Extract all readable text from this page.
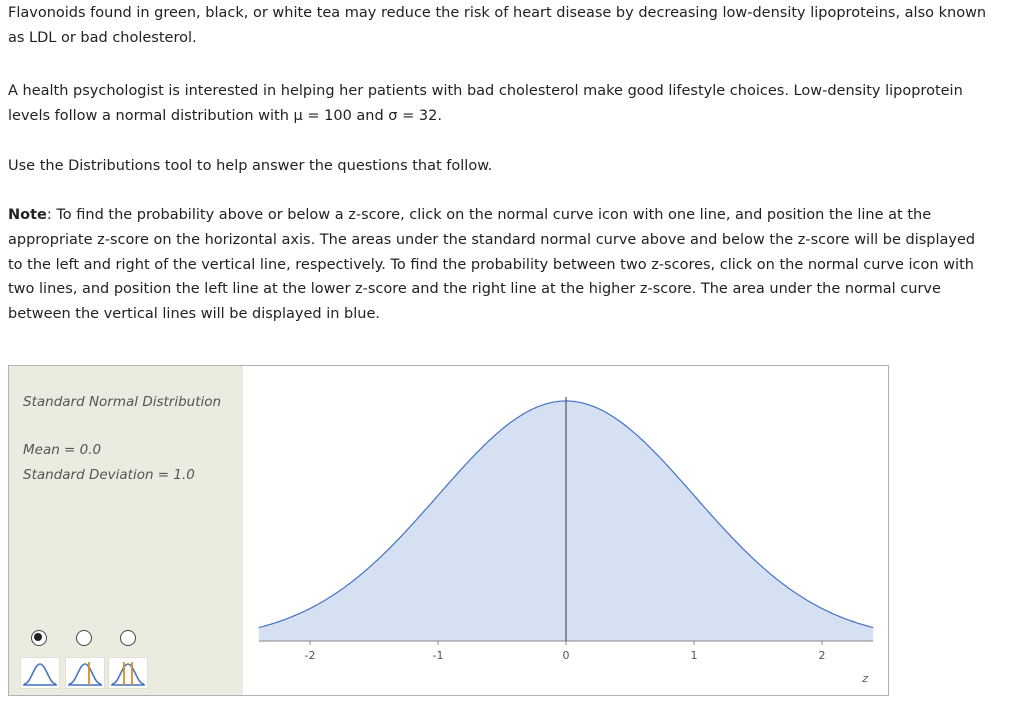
Flavonoids found in green, black, or white tea may reduce the risk of heart disease by decreasing low-density lipoproteins, also known as LDL or bad cholesterol.

A health psychologist is interested in helping her patients with bad cholesterol make good lifestyle choices. Low-density lipoprotein levels follow a normal distribution with μ = 100 and σ = 32.

Use the Distributions tool to help answer the questions that follow.

Note: To find the probability above or below a z-score, click on the normal curve icon with one line, and position the line at the appropriate z-score on the horizontal axis. The areas under the standard normal curve above and below the z-score will be displayed to the left and right of the vertical line, respectively. To find the probability between two z-scores, click on the normal curve icon with two lines, and position the left line at the lower z-score and the right line at the higher z-score. The area under the normal curve between the vertical lines will be displayed in blue.

Standard Normal Distribution
Mean = 0.0
Standard Deviation = 1.0
-2	-1	0	1	2
z
